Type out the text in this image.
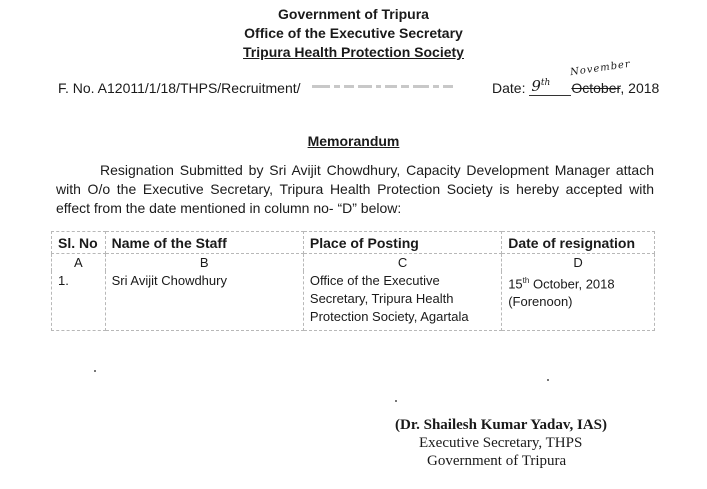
Government of Tripura
Office of the Executive Secretary
Tripura Health Protection Society
F. No. A12011/1/18/THPS/Recruitment/
November
Date: 9th October, 2018
Memorandum
Resignation Submitted by Sri Avijit Chowdhury, Capacity Development Manager attach with O/o the Executive Secretary, Tripura Health Protection Society is hereby accepted with effect from the date mentioned in column no- “D” below:
Sl. No	Name of the Staff	Place of Posting	Date of resignation
A	B	C	D
1.	Sri Avijit Chowdhury	Office of the Executive Secretary, Tripura Health Protection Society, Agartala	15th October, 2018
(Forenoon)
(Dr. Shailesh Kumar Yadav, IAS)
Executive Secretary, THPS
Government of Tripura
